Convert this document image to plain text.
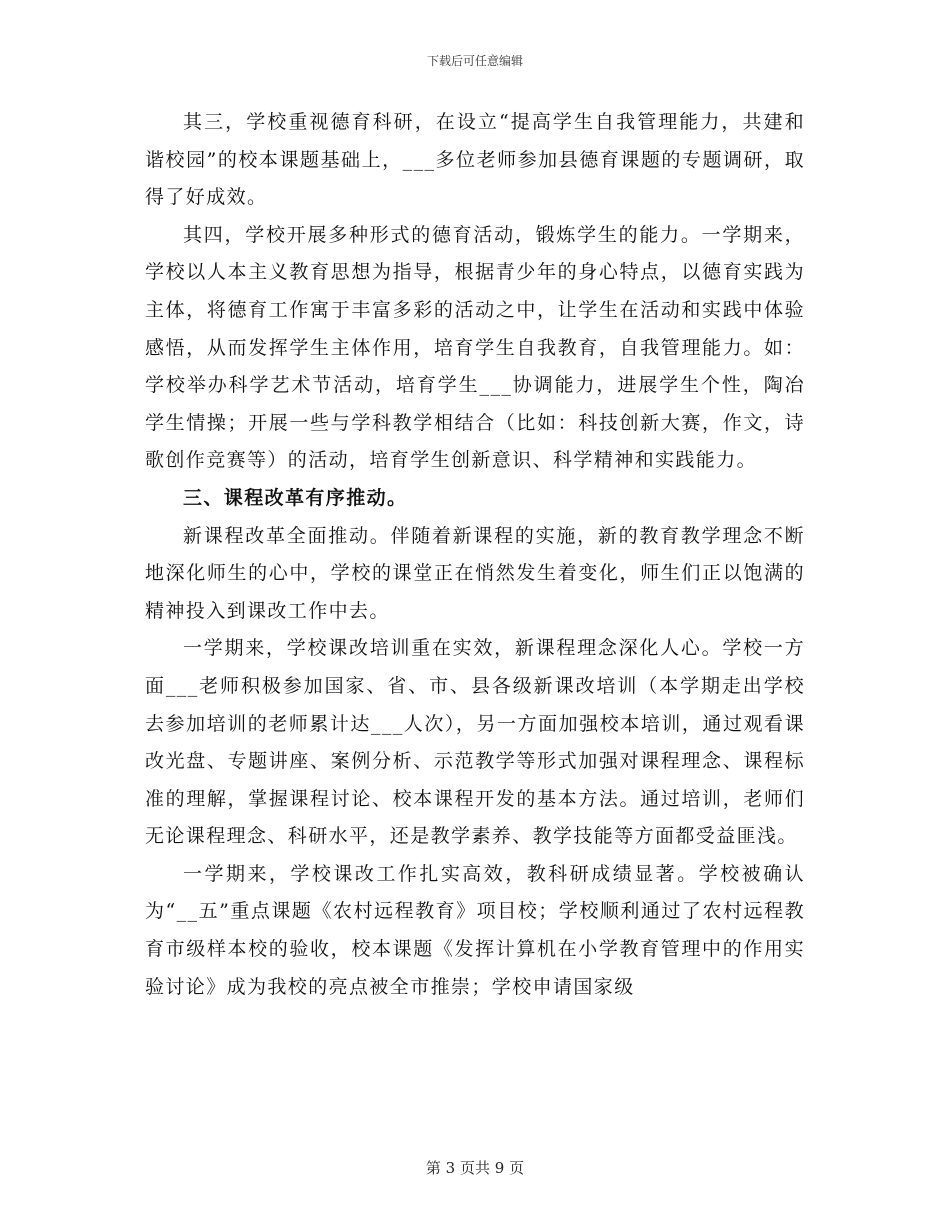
下载后可任意编辑

其三，学校重视德育科研，在设立“提高学生自我管理能力，共建和谐校园”的校本课题基础上，___多位老师参加县德育课题的专题调研，取得了好成效。

其四，学校开展多种形式的德育活动，锻炼学生的能力。一学期来，学校以人本主义教育思想为指导，根据青少年的身心特点，以德育实践为主体，将德育工作寓于丰富多彩的活动之中，让学生在活动和实践中体验感悟，从而发挥学生主体作用，培育学生自我教育，自我管理能力。如：学校举办科学艺术节活动，培育学生___协调能力，进展学生个性，陶冶学生情操；开展一些与学科教学相结合（比如：科技创新大赛，作文，诗歌创作竞赛等）的活动，培育学生创新意识、科学精神和实践能力。

三、课程改革有序推动。

新课程改革全面推动。伴随着新课程的实施，新的教育教学理念不断地深化师生的心中，学校的课堂正在悄然发生着变化，师生们正以饱满的精神投入到课改工作中去。

一学期来，学校课改培训重在实效，新课程理念深化人心。学校一方面___老师积极参加国家、省、市、县各级新课改培训（本学期走出学校去参加培训的老师累计达___人次），另一方面加强校本培训，通过观看课改光盘、专题讲座、案例分析、示范教学等形式加强对课程理念、课程标准的理解，掌握课程讨论、校本课程开发的基本方法。通过培训，老师们无论课程理念、科研水平，还是教学素养、教学技能等方面都受益匪浅。

一学期来，学校课改工作扎实高效，教科研成绩显著。学校被确认为“__五”重点课题《农村远程教育》项目校；学校顺利通过了农村远程教育市级样本校的验收，校本课题《发挥计算机在小学教育管理中的作用实验讨论》成为我校的亮点被全市推崇；学校申请国家级

第 3 页共 9 页
